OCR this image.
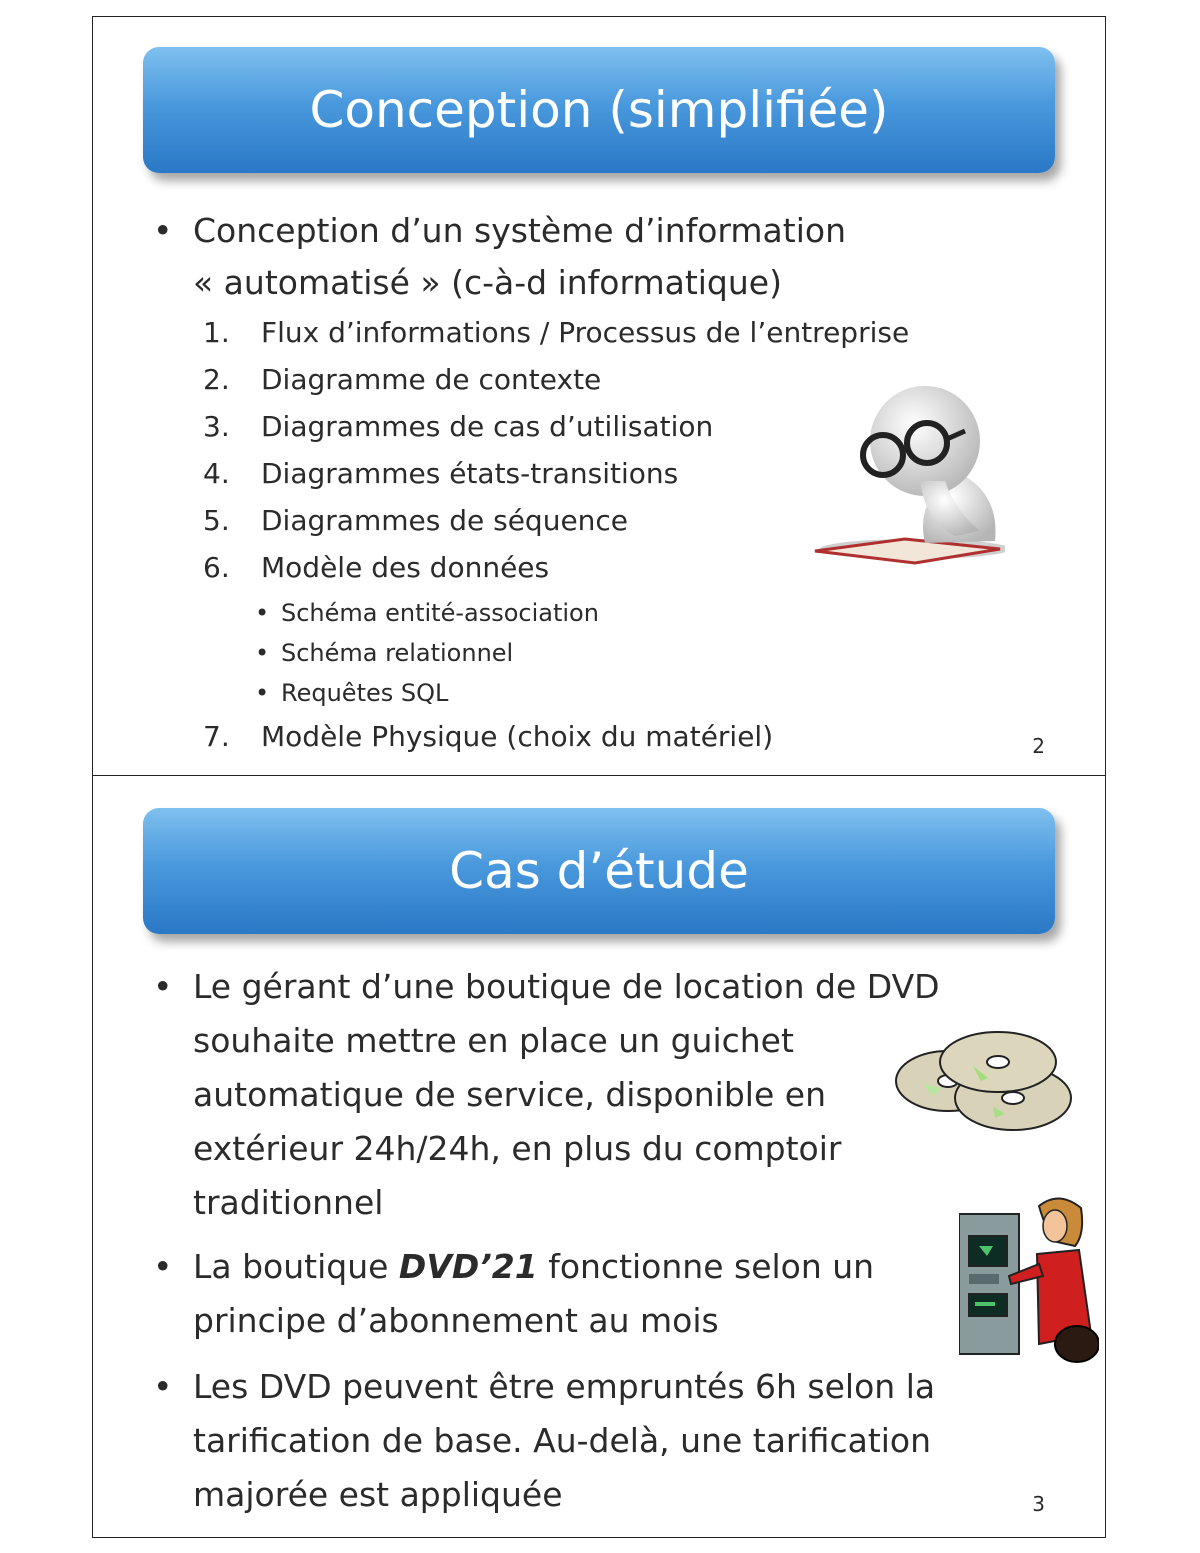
Conception (simplifiée)
• Conception d’un système d’information
« automatisé » (c-à-d informatique)
1. Flux d’informations / Processus de l’entreprise
2. Diagramme de contexte
3. Diagrammes de cas d’utilisation
4. Diagrammes états-transitions
5. Diagrammes de séquence
6. Modèle des données
• Schéma entité-association
• Schéma relationnel
• Requêtes SQL
7. Modèle Physique (choix du matériel)	2
Cas d’étude
• Le gérant d’une boutique de location de DVD
souhaite mettre en place un guichet
automatique de service, disponible en
extérieur 24h/24h, en plus du comptoir
traditionnel
• La boutique DVD’21 fonctionne selon un
principe d’abonnement au mois
• Les DVD peuvent être empruntés 6h selon la
tarification de base. Au-delà, une tarification
majorée est appliquée	3
